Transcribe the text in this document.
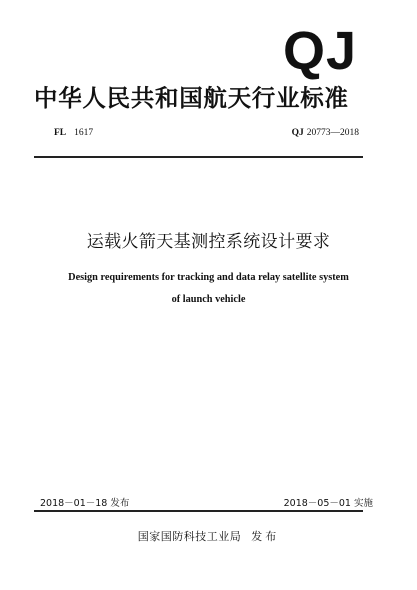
QJ
中华人民共和国航天行业标准
FL 1617	QJ 20773—2018
运载火箭天基测控系统设计要求
Design requirements for tracking and data relay satellite system
of launch vehicle
2018－01－18 发布	2018－05－01 实施
国家国防科技工业局 发布
